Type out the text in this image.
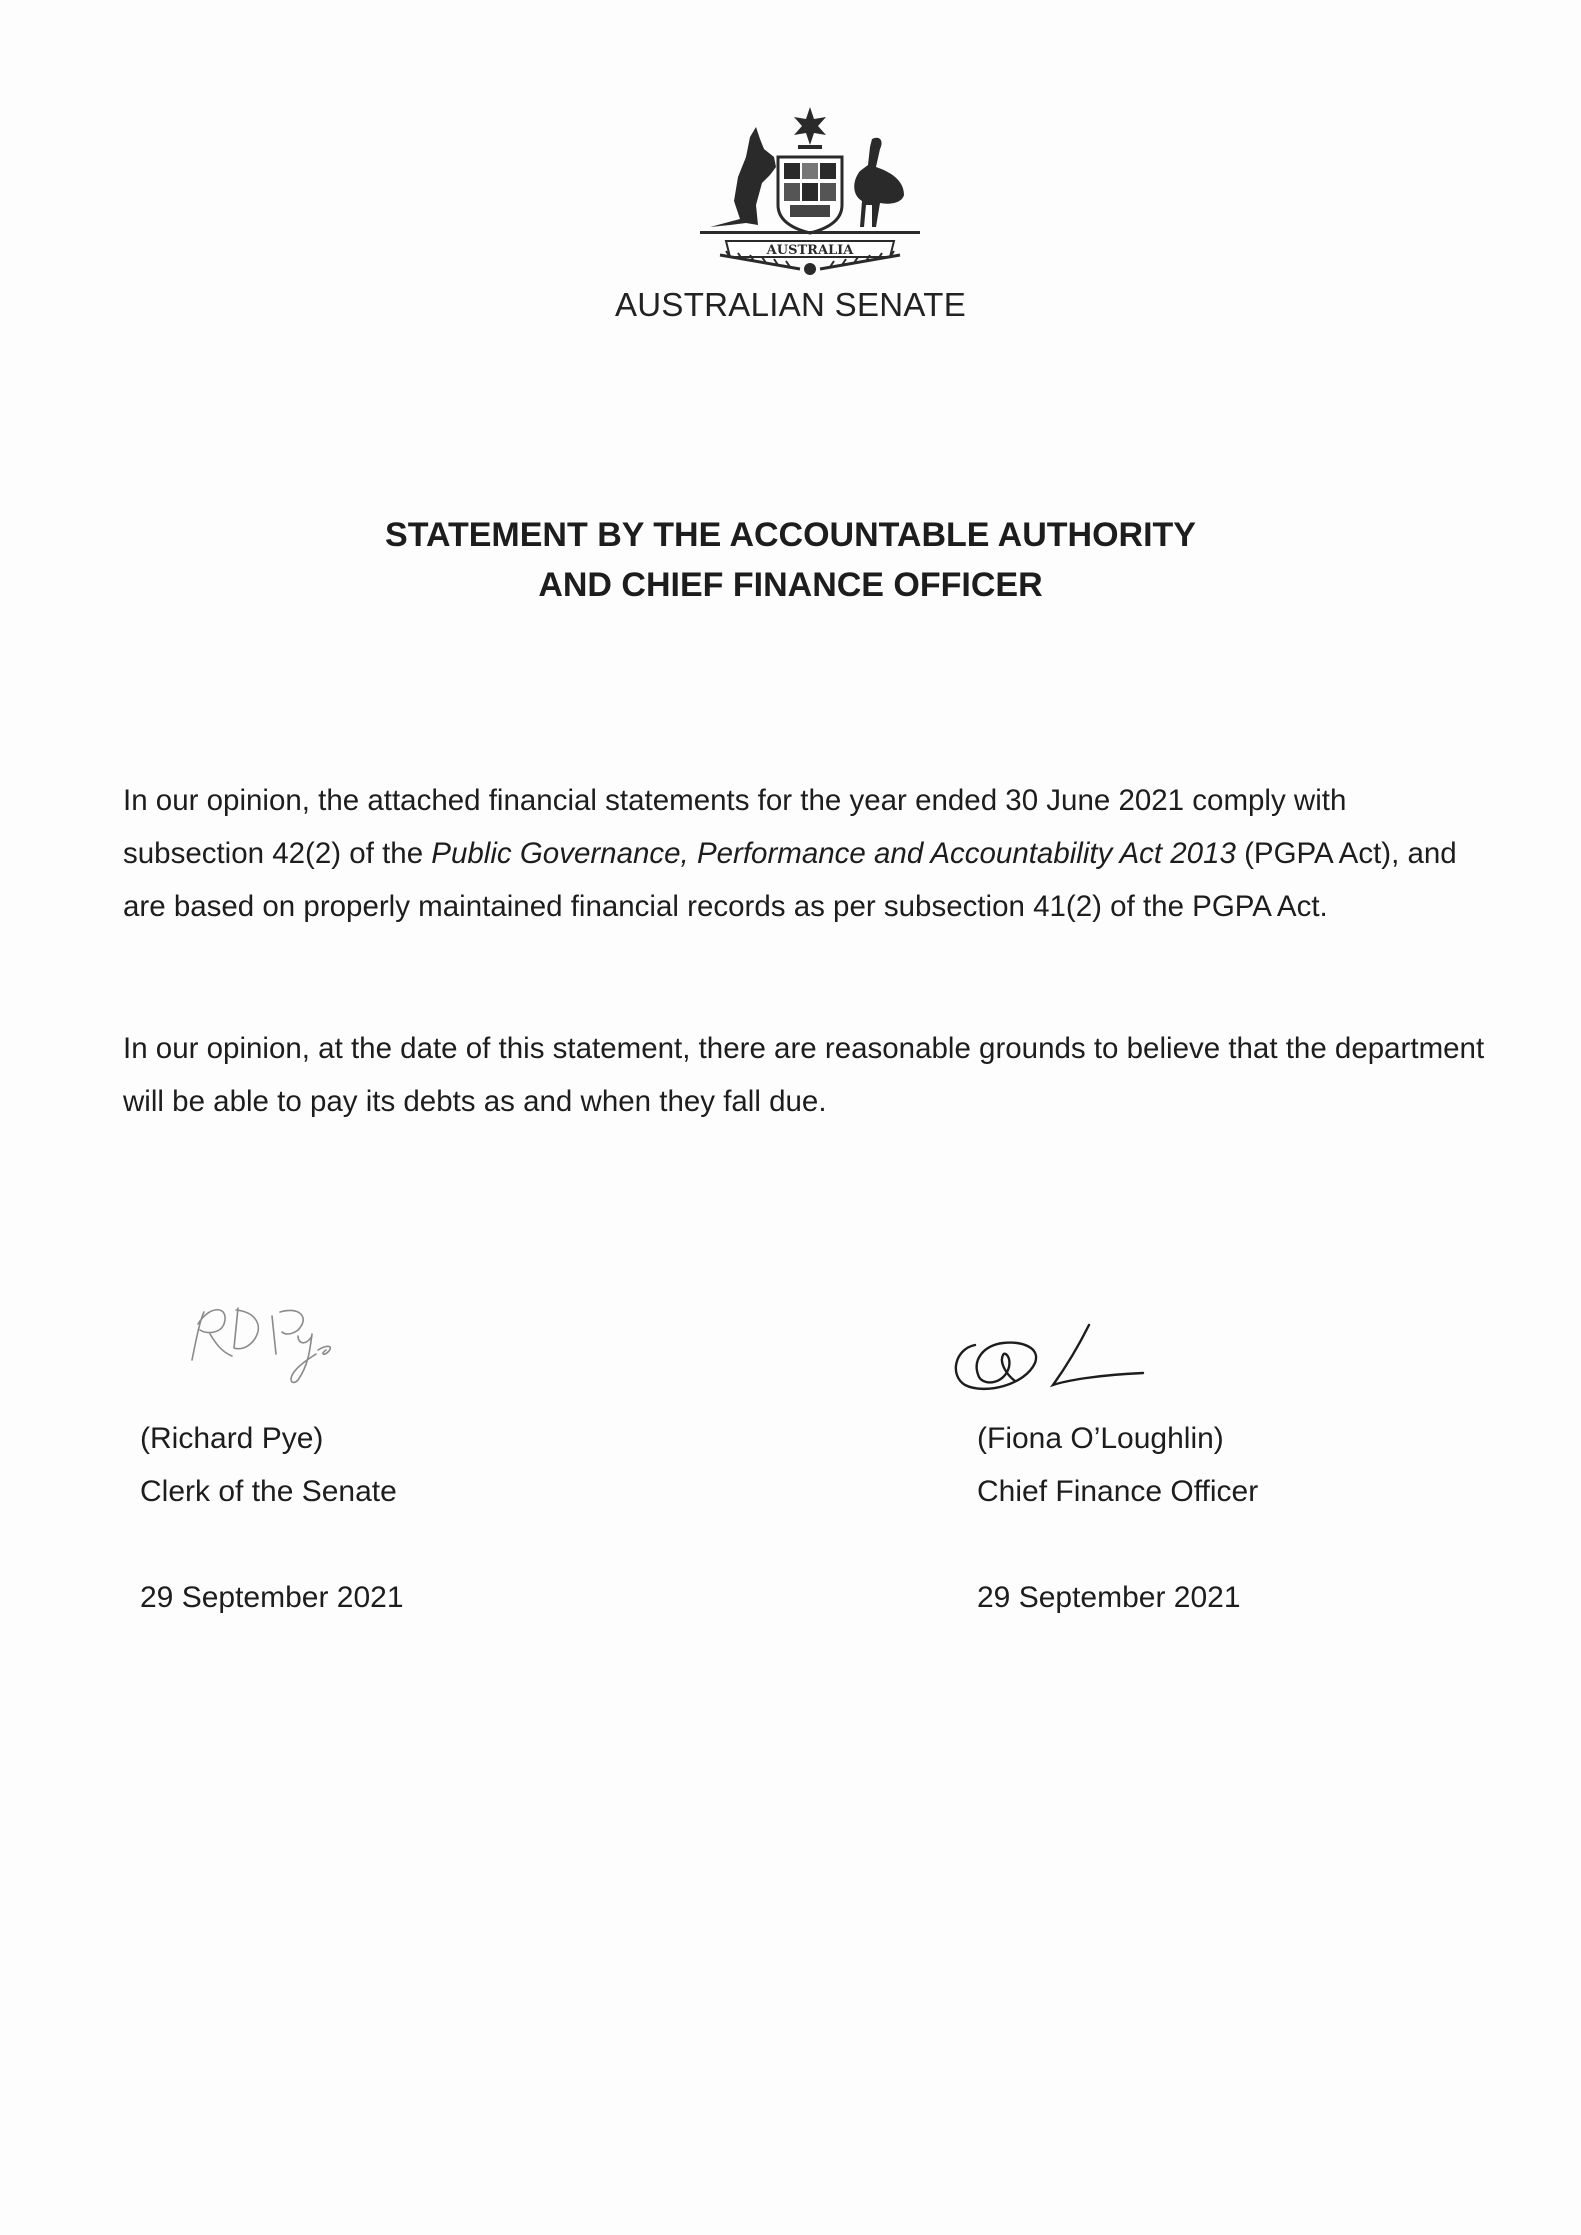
AUSTRALIA
AUSTRALIAN SENATE
STATEMENT BY THE ACCOUNTABLE AUTHORITY
AND CHIEF FINANCE OFFICER

In our opinion, the attached financial statements for the year ended 30 June 2021 comply with subsection 42(2) of the Public Governance, Performance and Accountability Act 2013 (PGPA Act), and are based on properly maintained financial records as per subsection 41(2) of the PGPA Act.

In our opinion, at the date of this statement, there are reasonable grounds to believe that the department will be able to pay its debts as and when they fall due.

(Richard Pye)
Clerk of the Senate
29 September 2021
(Fiona O’Loughlin)
Chief Finance Officer
29 September 2021
